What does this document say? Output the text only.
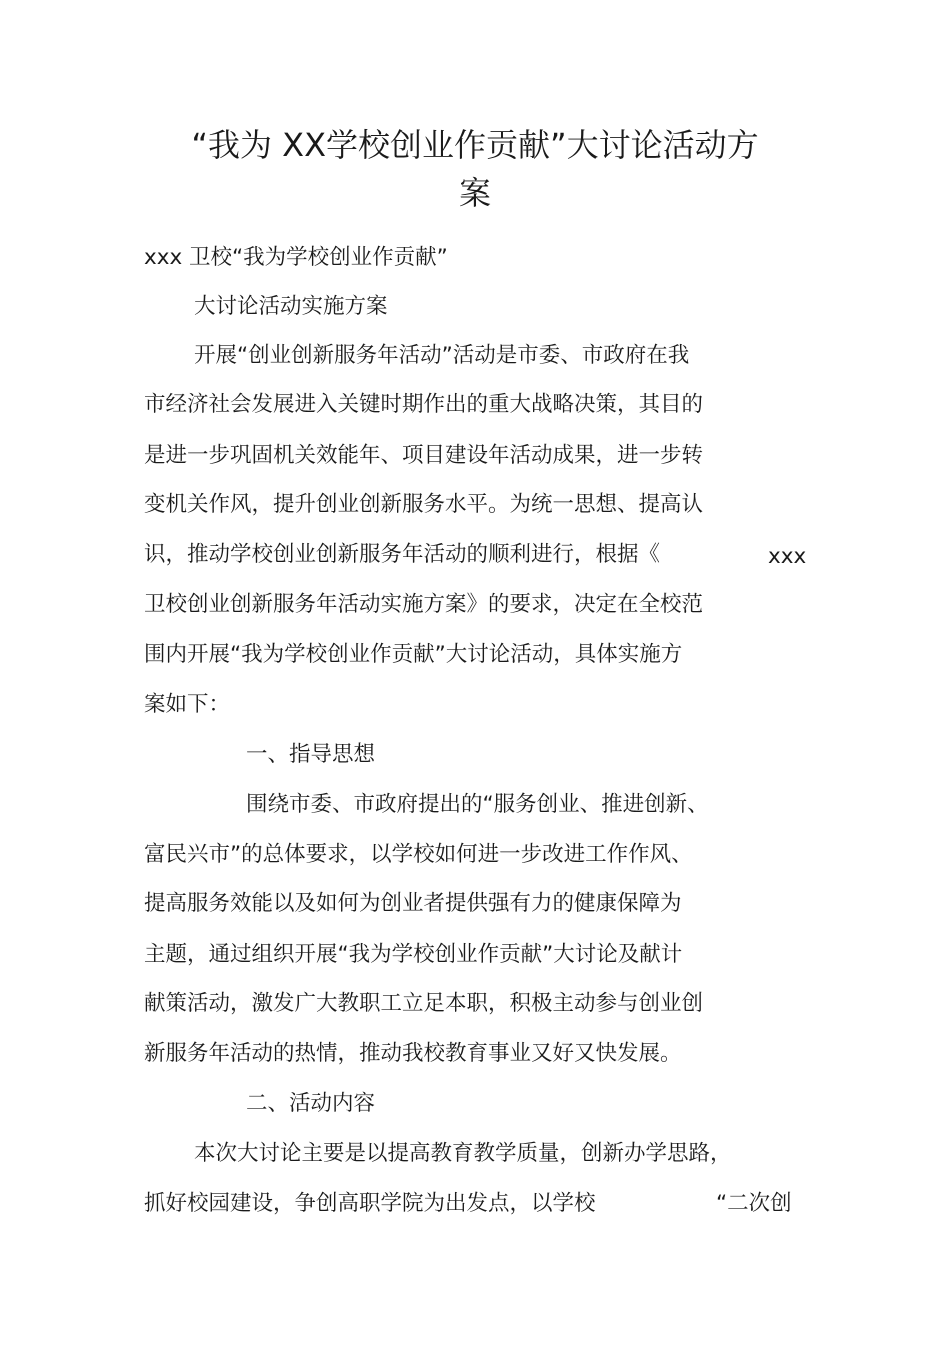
“我为 XX学校创业作贡献”大讨论活动方
案
xxx 卫校“我为学校创业作贡献”
大讨论活动实施方案
开展“创业创新服务年活动”活动是市委、市政府在我
市经济社会发展进入关键时期作出的重大战略决策，其目的
是进一步巩固机关效能年、项目建设年活动成果，进一步转
变机关作风，提升创业创新服务水平。为统一思想、提高认
识，推动学校创业创新服务年活动的顺利进行，根据《	xxx
卫校创业创新服务年活动实施方案》的要求，决定在全校范
围内开展“我为学校创业作贡献”大讨论活动，具体实施方
案如下：
一、指导思想
围绕市委、市政府提出的“服务创业、推进创新、
富民兴市”的总体要求，以学校如何进一步改进工作作风、
提高服务效能以及如何为创业者提供强有力的健康保障为
主题，通过组织开展“我为学校创业作贡献”大讨论及献计
献策活动，激发广大教职工立足本职，积极主动参与创业创
新服务年活动的热情，推动我校教育事业又好又快发展。
二、活动内容
本次大讨论主要是以提高教育教学质量，创新办学思路，
抓好校园建设，争创高职学院为出发点，以学校	“二次创
